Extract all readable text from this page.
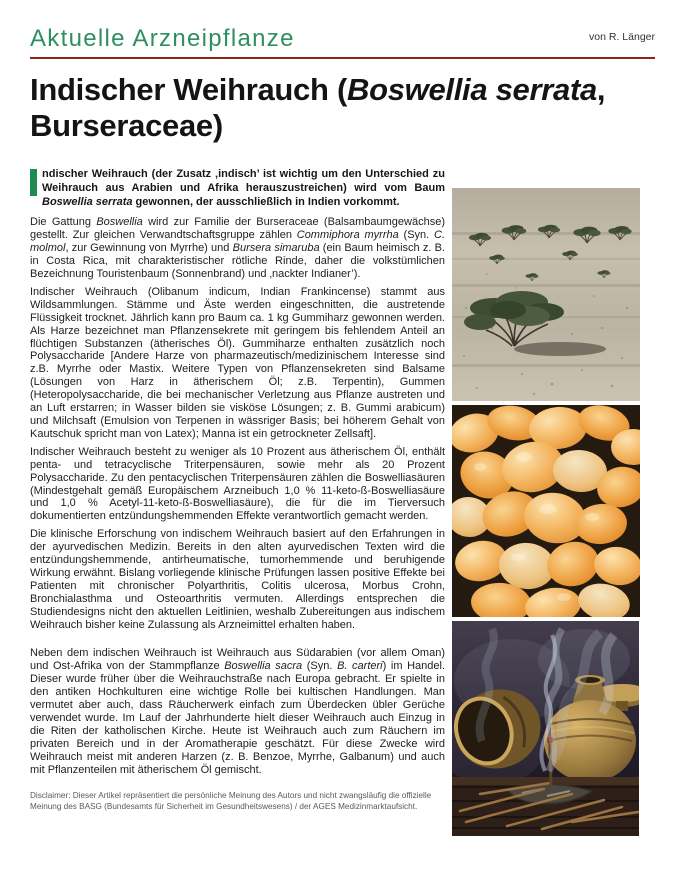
Aktuelle Arzneipflanze	von R. Länger
Indischer Weihrauch (Boswellia serrata, Burseraceae)

ndischer Weihrauch (der Zusatz ‚indisch’ ist wichtig um den Unterschied zu Weihrauch aus Arabien und Afrika herauszustreichen) wird vom Baum Boswellia serrata gewonnen, der ausschließlich in Indien vorkommt.

Die Gattung Boswellia wird zur Familie der Burseraceae (Balsambaumgewächse) gestellt. Zur gleichen Verwandtschaftsgruppe zählen Commiphora myrrha (Syn. C. molmol, zur Gewinnung von Myrrhe) und Bursera simaruba (ein Baum heimisch z. B. in Costa Rica, mit charakteristischer rötliche Rinde, daher die volkstümlichen Bezeichnung Touristenbaum (Sonnenbrand) und ‚nackter Indianer’).

Indischer Weihrauch (Olibanum indicum, Indian Frankincense) stammt aus Wildsammlungen. Stämme und Äste werden eingeschnitten, die austretende Flüssigkeit trocknet. Jährlich kann pro Baum ca. 1 kg Gummiharz gewonnen werden. Als Harze bezeichnet man Pflanzensekrete mit geringem bis fehlendem Anteil an flüchtigen Substanzen (ätherisches Öl). Gummiharze enthalten zusätzlich noch Polysaccharide [Andere Harze von pharmazeutisch/medizinischem Interesse sind z.B. Myrrhe oder Mastix. Weitere Typen von Pflanzensekreten sind Balsame (Lösungen von Harz in ätherischem Öl; z.B. Terpentin), Gummen (Heteropolysaccharide, die bei mechanischer Verletzung aus Pflanze austreten und an Luft erstarren; in Wasser bilden sie visköse Lösungen; z. B. Gummi arabicum) und Milchsaft (Emulsion von Terpenen in wässriger Basis; bei höherem Gehalt von Kautschuk spricht man von Latex); Manna ist ein getrockneter Zellsaft].

Indischer Weihrauch besteht zu weniger als 10 Prozent aus ätherischem Öl, enthält penta- und tetracyclische Triterpensäuren, sowie mehr als 20 Prozent Polysaccharide. Zu den pentacyclischen Triterpensäuren zählen die Boswelliasäuren (Mindestgehalt gemäß Europäischem Arzneibuch 1,0 % 11-keto-ß-Boswelliasäure und 1,0 % Acetyl-11-keto-ß-Boswelliasäure), die für die im Tierversuch dokumentierten entzündungshemmenden Effekte verantwortlich gemacht werden.

Die klinische Erforschung von indischem Weihrauch basiert auf den Erfahrungen in der ayurvedischen Medizin. Bereits in den alten ayurvedischen Texten wird die entzündungshemmende, antirheumatische, tumorhemmende und beruhigende Wirkung erwähnt. Bislang vorliegende klinische Prüfungen lassen positive Effekte bei Patienten mit chronischer Polyarthritis, Colitis ulcerosa, Morbus Crohn, Bronchialasthma und Osteoarthritis vermuten. Allerdings entsprechen die Studiendesigns nicht den aktuellen Leitlinien, weshalb Zubereitungen aus indischem Weihrauch bisher keine Zulassung als Arzneimittel erhalten haben.

Neben dem indischen Weihrauch ist Weihrauch aus Südarabien (vor allem Oman) und Ost-Afrika von der Stammpflanze Boswellia sacra (Syn. B. carteri) im Handel. Dieser wurde früher über die Weihrauchstraße nach Europa gebracht. Er spielte in den antiken Hochkulturen eine wichtige Rolle bei kultischen Handlungen. Man vermutet aber auch, dass Räucherwerk einfach zum Überdecken übler Gerüche verwendet wurde. Im Lauf der Jahrhunderte hielt dieser Weihrauch auch Einzug in die Riten der katholischen Kirche. Heute ist Weihrauch auch zum Räuchern im privaten Bereich und in der Aromatherapie geschätzt. Für diese Zwecke wird Weihrauch meist mit anderen Harzen (z. B. Benzoe, Myrrhe, Galbanum) und auch mit Pflanzenteilen mit ätherischem Öl gemischt.

Disclaimer: Dieser Artikel repräsentiert die persönliche Meinung des Autors und nicht zwangsläufig die offizielle Meinung des BASG (Bundesamts für Sicherheit im Gesundheitswesens) / der AGES Medizinmarktaufsicht.
